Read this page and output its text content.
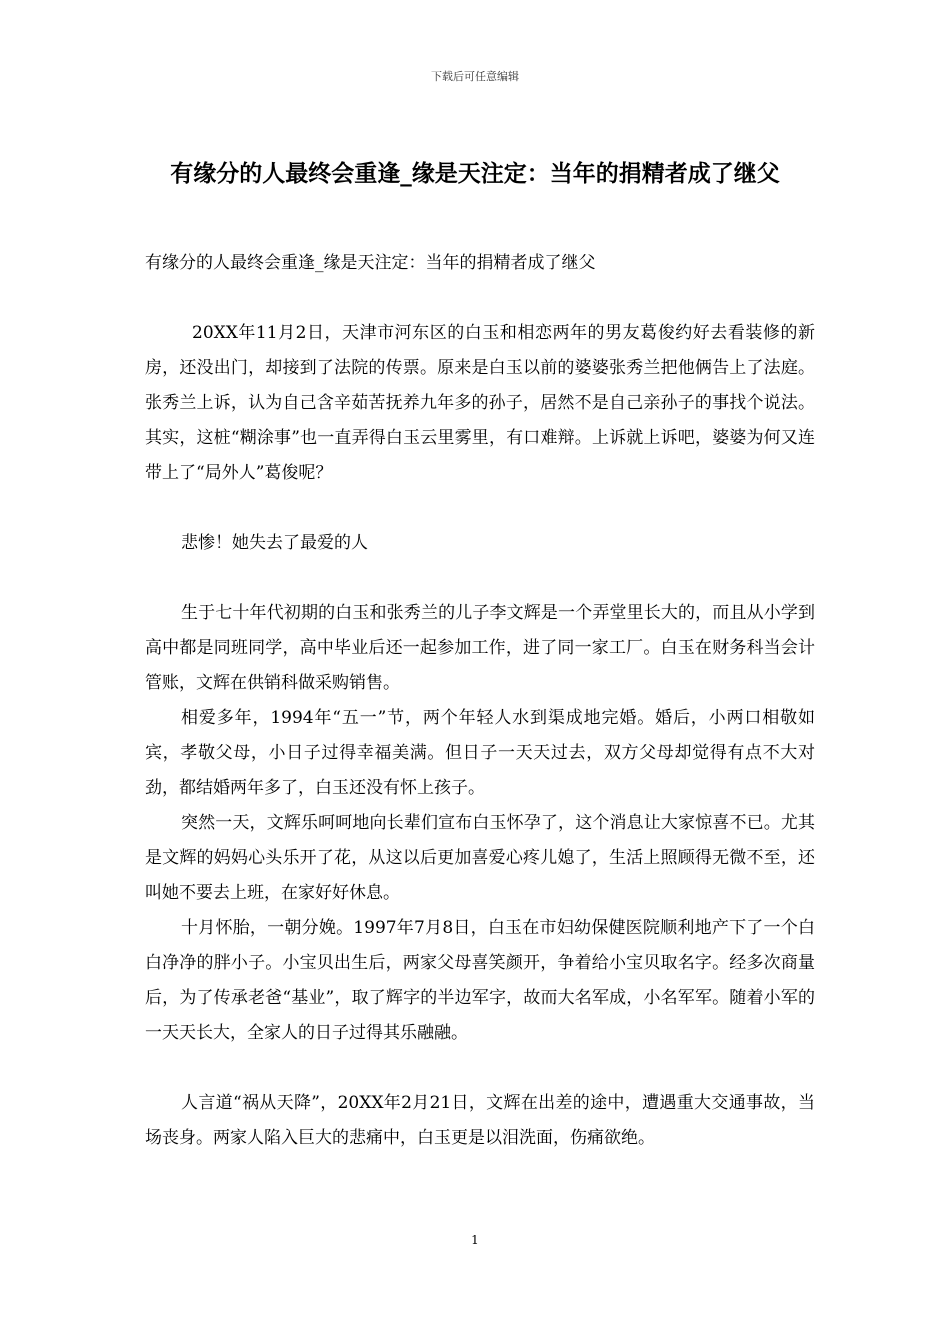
下载后可任意编辑
有缘分的人最终会重逢_缘是天注定：当年的捐精者成了继父

有缘分的人最终会重逢_缘是天注定：当年的捐精者成了继父

20XX年11月2日，天津市河东区的白玉和相恋两年的男友葛俊约好去看装修的新房，还没出门，却接到了法院的传票。原来是白玉以前的婆婆张秀兰把他俩告上了法庭。 张秀兰上诉，认为自己含辛茹苦抚养九年多的孙子，居然不是自己亲孙子的事找个说法。其实，这桩“糊涂事”也一直弄得白玉云里雾里，有口难辩。上诉就上诉吧，婆婆为何又连带上了“局外人”葛俊呢？

悲惨！她失去了最爱的人

生于七十年代初期的白玉和张秀兰的儿子李文辉是一个弄堂里长大的，而且从小学到高中都是同班同学，高中毕业后还一起参加工作，进了同一家工厂。白玉在财务科当会计管账，文辉在供销科做采购销售。

相爱多年，1994年“五一”节，两个年轻人水到渠成地完婚。婚后，小两口相敬如宾，孝敬父母，小日子过得幸福美满。但日子一天天过去，双方父母却觉得有点不大对劲，都结婚两年多了，白玉还没有怀上孩子。

突然一天，文辉乐呵呵地向长辈们宣布白玉怀孕了，这个消息让大家惊喜不已。尤其是文辉的妈妈心头乐开了花，从这以后更加喜爱心疼儿媳了，生活上照顾得无微不至，还叫她不要去上班，在家好好休息。

十月怀胎，一朝分娩。1997年7月8日，白玉在市妇幼保健医院顺利地产下了一个白白净净的胖小子。小宝贝出生后，两家父母喜笑颜开，争着给小宝贝取名字。经多次商量后，为了传承老爸“基业”，取了辉字的半边军字，故而大名军成，小名军军。随着小军的一天天长大，全家人的日子过得其乐融融。

人言道“祸从天降”，20XX年2月21日，文辉在出差的途中，遭遇重大交通事故，当场丧身。两家人陷入巨大的悲痛中，白玉更是以泪洗面，伤痛欲绝。

1
